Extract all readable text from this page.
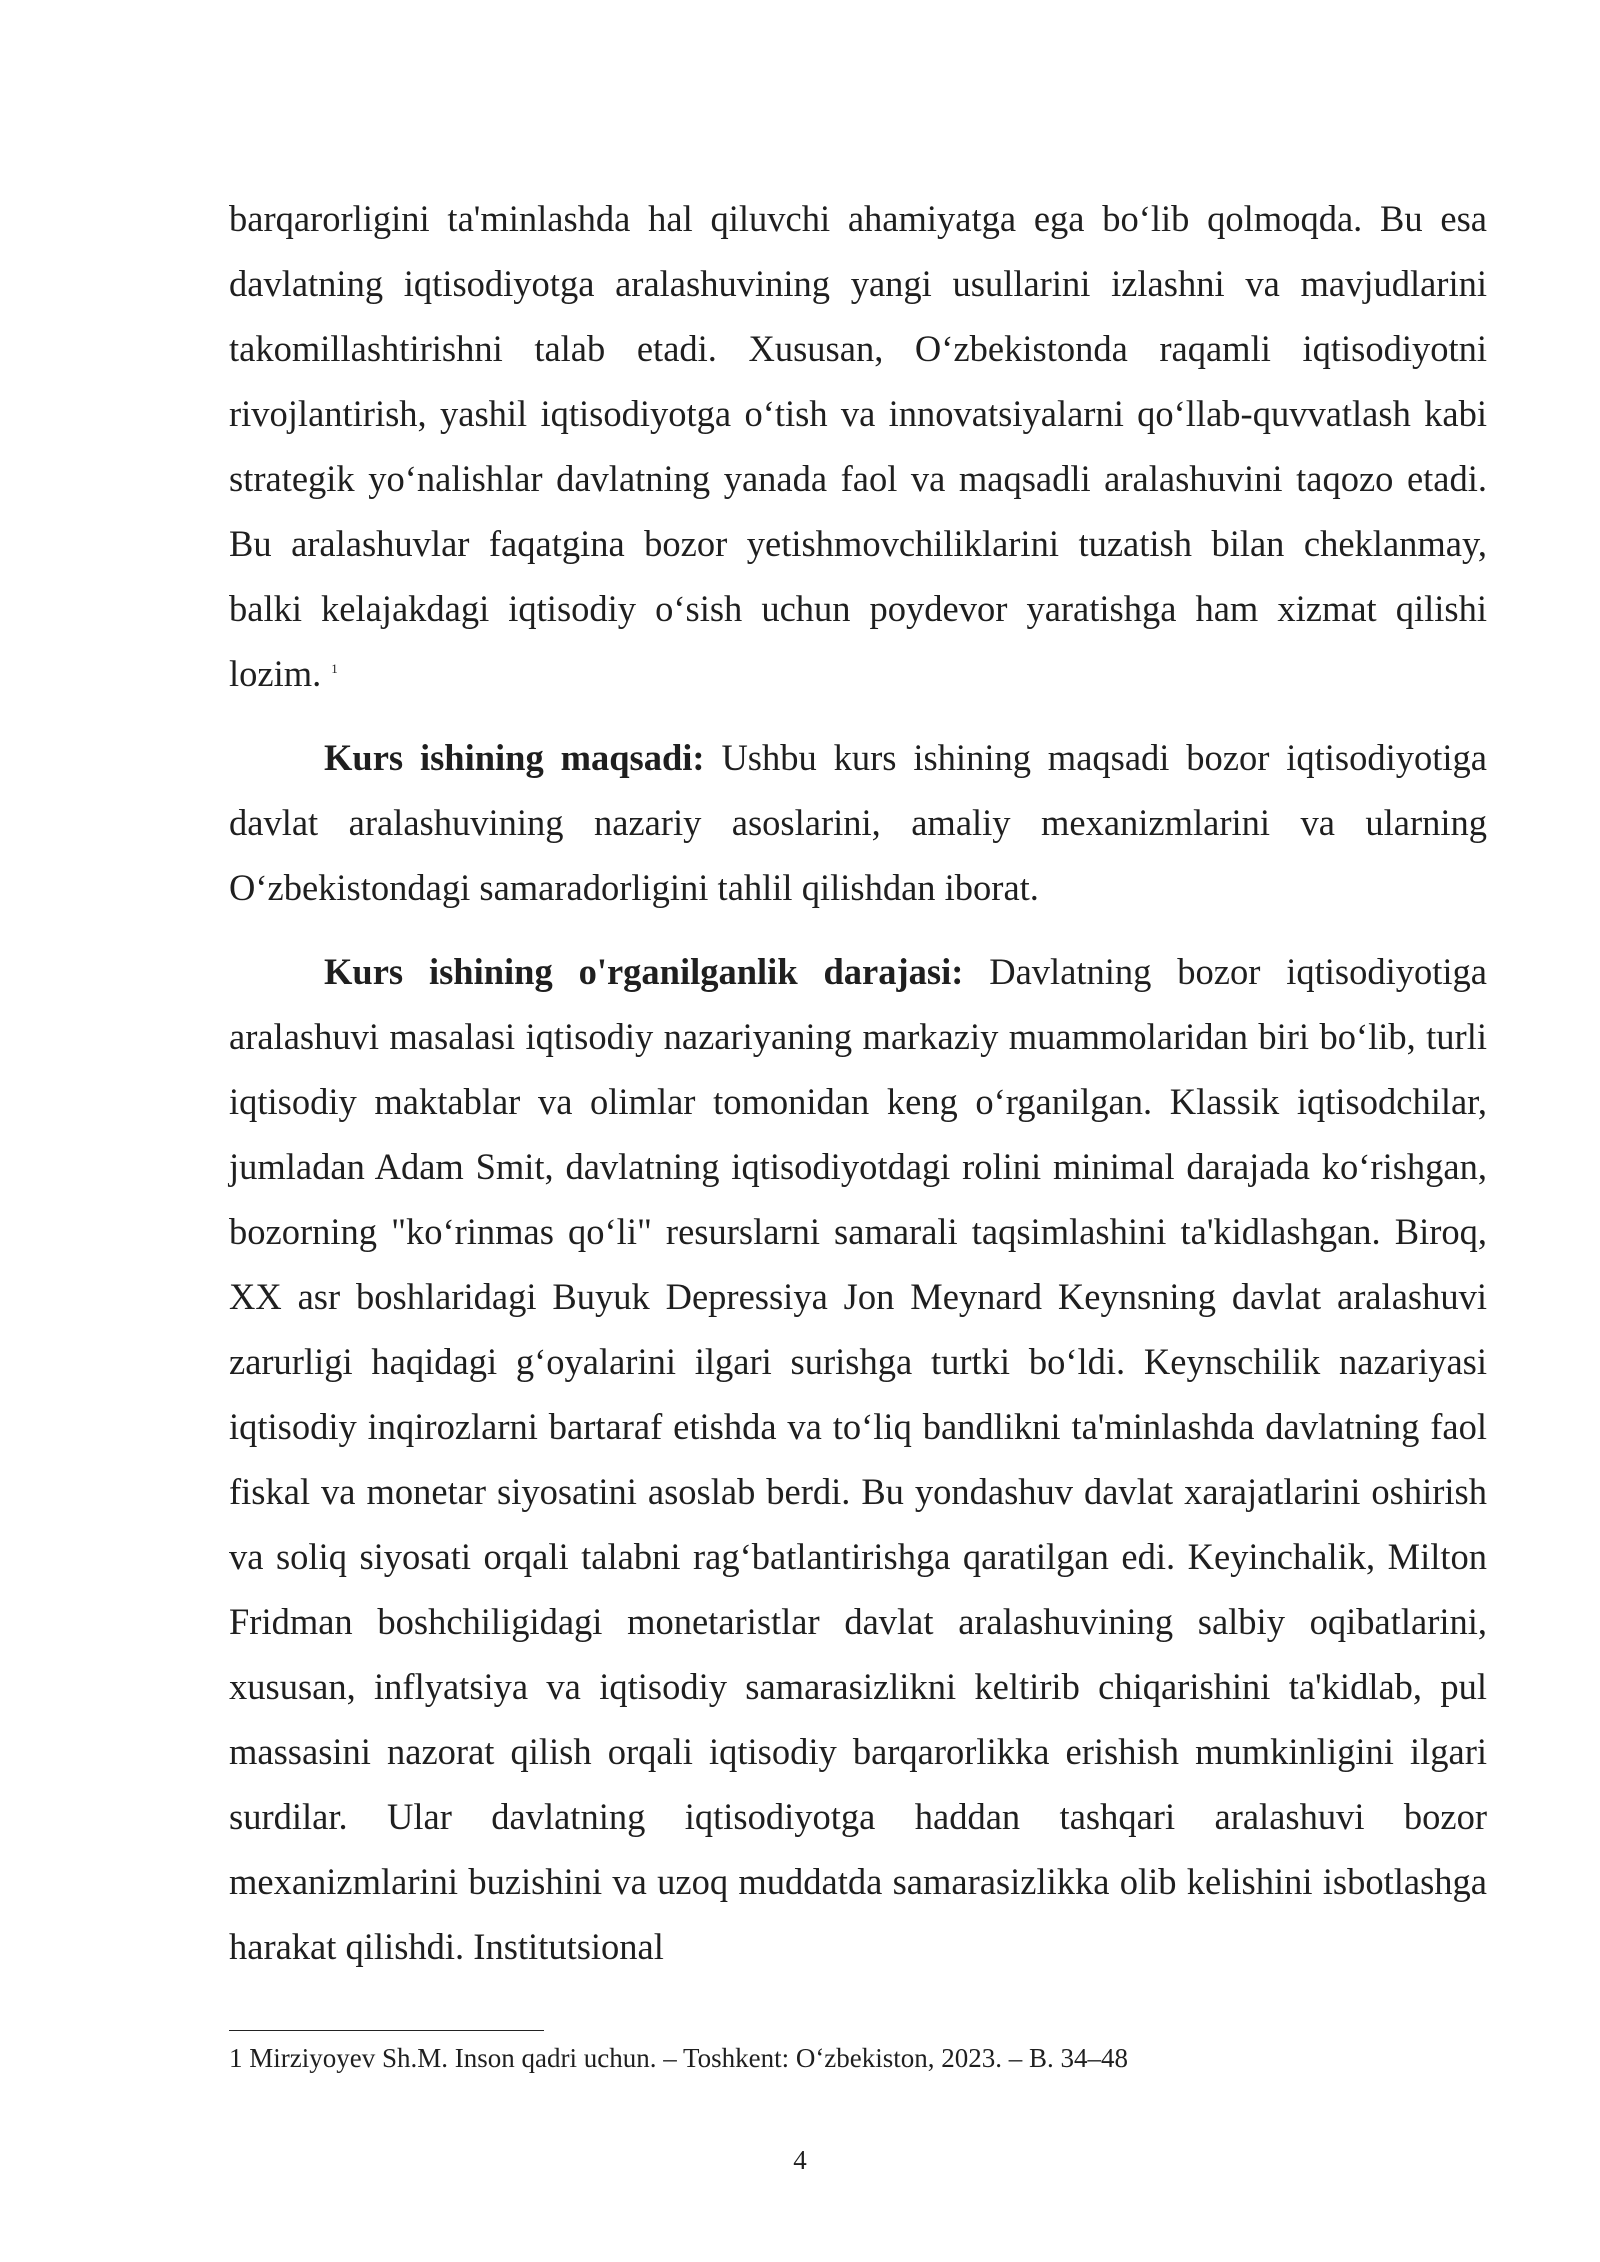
barqarorligini ta'minlashda hal qiluvchi ahamiyatga ega bo‘lib qolmoqda. Bu esa davlatning iqtisodiyotga aralashuvining yangi usullarini izlashni va mavjudlarini takomillashtirishni talab etadi. Xususan, O‘zbekistonda raqamli iqtisodiyotni rivojlantirish, yashil iqtisodiyotga o‘tish va innovatsiyalarni qo‘llab-quvvatlash kabi strategik yo‘nalishlar davlatning yanada faol va maqsadli aralashuvini taqozo etadi. Bu aralashuvlar faqatgina bozor yetishmovchiliklarini tuzatish bilan cheklanmay, balki kelajakdagi iqtisodiy o‘sish uchun poydevor yaratishga ham xizmat qilishi lozim. $^1$

Kurs ishining maqsadi: Ushbu kurs ishining maqsadi bozor iqtisodiyotiga davlat aralashuvining nazariy asoslarini, amaliy mexanizmlarini va ularning O‘zbekistondagi samaradorligini tahlil qilishdan iborat.

Kurs ishining o'rganilganlik darajasi: Davlatning bozor iqtisodiyotiga aralashuvi masalasi iqtisodiy nazariyaning markaziy muammolaridan biri bo‘lib, turli iqtisodiy maktablar va olimlar tomonidan keng o‘rganilgan. Klassik iqtisodchilar, jumladan Adam Smit, davlatning iqtisodiyotdagi rolini minimal darajada ko‘rishgan, bozorning "ko‘rinmas qo‘li" resurslarni samarali taqsimlashini ta'kidlashgan. Biroq, XX asr boshlaridagi Buyuk Depressiya Jon Meynard Keynsning davlat aralashuvi zarurligi haqidagi g‘oyalarini ilgari surishga turtki bo‘ldi. Keynschilik nazariyasi iqtisodiy inqirozlarni bartaraf etishda va to‘liq bandlikni ta'minlashda davlatning faol fiskal va monetar siyosatini asoslab berdi. Bu yondashuv davlat xarajatlarini oshirish va soliq siyosati orqali talabni rag‘batlantirishga qaratilgan edi. Keyinchalik, Milton Fridman boshchiligidagi monetaristlar davlat aralashuvining salbiy oqibatlarini, xususan, inflyatsiya va iqtisodiy samarasizlikni keltirib chiqarishini ta'kidlab, pul massasini nazorat qilish orqali iqtisodiy barqarorlikka erishish mumkinligini ilgari surdilar. Ular davlatning iqtisodiyotga haddan tashqari aralashuvi bozor mexanizmlarini buzishini va uzoq muddatda samarasizlikka olib kelishini isbotlashga harakat qilishdi. Institutsional

1 Mirziyoyev Sh.M. Inson qadri uchun. – Toshkent: O‘zbekiston, 2023. – B. 34–48
4
